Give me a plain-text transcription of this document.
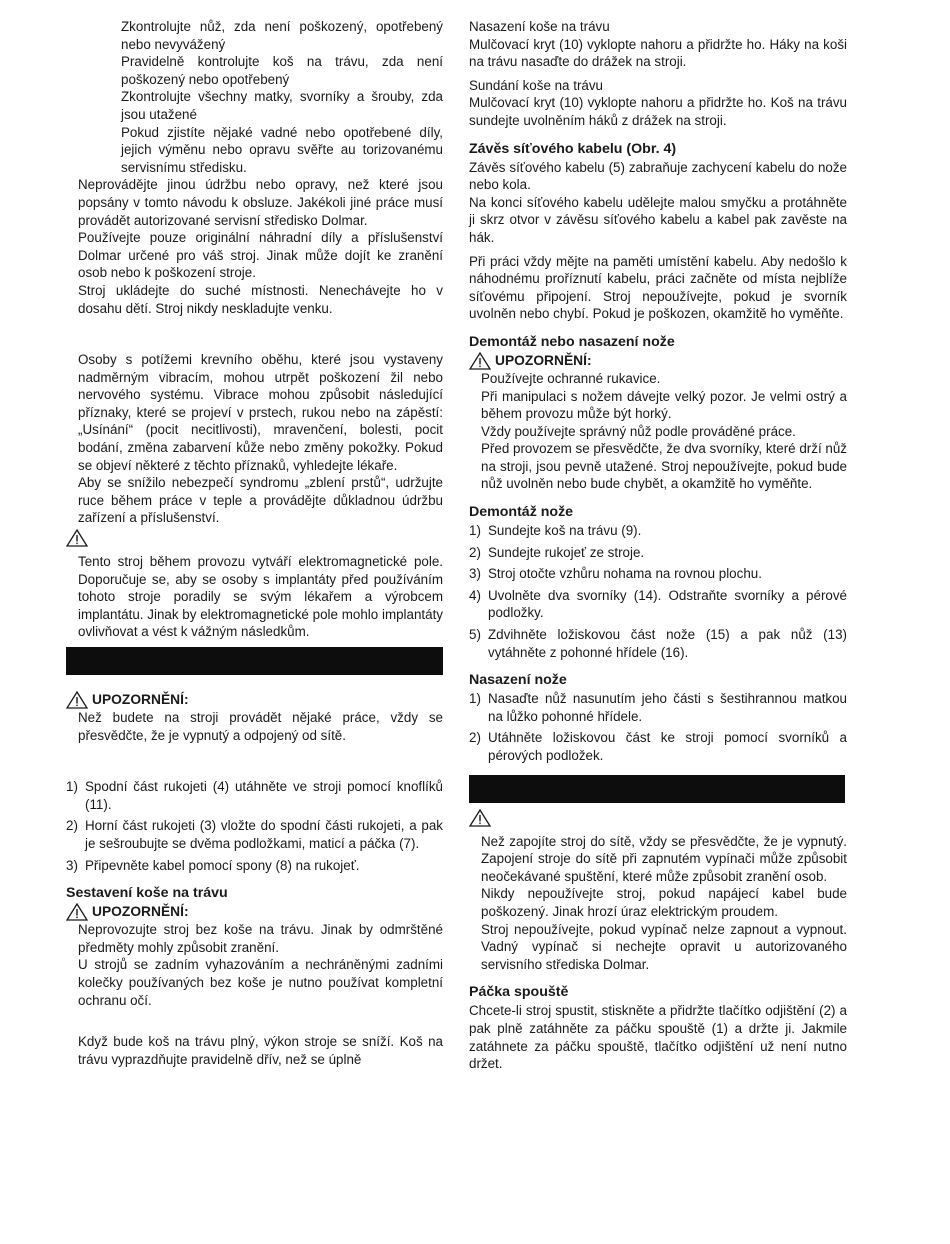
Zkontrolujte nůž, zda není poškozený, opotřebený nebo nevyvážený

Pravidelně kontrolujte koš na trávu, zda není poškozený nebo opotřebený

Zkontrolujte všechny matky, svorníky a šrouby, zda jsou utažené

Pokud zjistíte nějaké vadné nebo opotřebené díly, jejich výměnu nebo opravu svěřte au torizovanému servisnímu středisku.

Neprovádějte jinou údržbu nebo opravy, než které jsou popsány v tomto návodu k obsluze. Jakékoli jiné práce musí provádět autorizované servisní středisko Dolmar.

Používejte pouze originální náhradní díly a příslušenství Dolmar určené pro váš stroj. Jinak může dojít ke zranění osob nebo k poškození stroje.

Stroj ukládejte do suché místnosti. Nenechávejte ho v dosahu dětí. Stroj nikdy neskladujte venku.

Osoby s potížemi krevního oběhu, které jsou vystaveny nadměrným vibracím, mohou utrpět poškození žil nebo nervového systému. Vibrace mohou způsobit následující příznaky, které se projeví v prstech, rukou nebo na zápěstí: „Usínání“ (pocit necitlivosti), mravenčení, bolesti, pocit bodání, změna zabarvení kůže nebo změny pokožky. Pokud se objeví některé z těchto příznaků, vyhledejte lékaře.

Aby se snížilo nebezpečí syndromu „zblení prstů“, udržujte ruce během práce v teple a provádějte důkladnou údržbu zařízení a příslušenství.

Tento stroj během provozu vytváří elektromagnetické pole. Doporučuje se, aby se osoby s implantáty před používáním tohoto stroje poradily se svým lékařem a výrobcem implantátu. Jinak by elektromagnetické pole mohlo implantáty ovlivňovat a vést k vážným následkům.

UPOZORNĚNÍ:

Než budete na stroji provádět nějaké práce, vždy se přesvědčte, že je vypnutý a odpojený od sítě.

1) Spodní část rukojeti (4) utáhněte ve stroji pomocí knoflíků (11).
2) Horní část rukojeti (3) vložte do spodní části rukojeti, a pak je sešroubujte se dvěma podložkami, maticí a páčka (7).
3) Připevněte kabel pomocí spony (8) na rukojeť.
Sestavení koše na trávu
UPOZORNĚNÍ:

Neprovozujte stroj bez koše na trávu. Jinak by odmrštěné předměty mohly způsobit zranění.

U strojů se zadním vyhazováním a nechráněnými zadními kolečky používaných bez koše je nutno používat kompletní ochranu očí.

Když bude koš na trávu plný, výkon stroje se sníží. Koš na trávu vyprazdňujte pravidelně dřív, než se úplně

Nasazení koše na trávu

Mulčovací kryt (10) vyklopte nahoru a přidržte ho. Háky na koši na trávu nasaďte do drážek na stroji.

Sundání koše na trávu

Mulčovací kryt (10) vyklopte nahoru a přidržte ho. Koš na trávu sundejte uvolněním háků z drážek na stroji.

Závěs síťového kabelu (Obr. 4)

Závěs síťového kabelu (5) zabraňuje zachycení kabelu do nože nebo kola.

Na konci síťového kabelu udělejte malou smyčku a protáhněte ji skrz otvor v závěsu síťového kabelu a kabel pak zavěste na hák.

Při práci vždy mějte na paměti umístění kabelu. Aby nedošlo k náhodnému proříznutí kabelu, práci začněte od místa nejblíže síťovému připojení. Stroj nepoužívejte, pokud je svorník uvolněn nebo chybí. Pokud je poškozen, okamžitě ho vyměňte.

Demontáž nebo nasazení nože
UPOZORNĚNÍ:

Používejte ochranné rukavice.

Při manipulaci s nožem dávejte velký pozor. Je velmi ostrý a během provozu může být horký.

Vždy používejte správný nůž podle prováděné práce.

Před provozem se přesvědčte, že dva svorníky, které drží nůž na stroji, jsou pevně utažené. Stroj nepoužívejte, pokud bude nůž uvolněn nebo bude chybět, a okamžitě ho vyměňte.

Demontáž nože
1) Sundejte koš na trávu (9).
2) Sundejte rukojeť ze stroje.
3) Stroj otočte vzhůru nohama na rovnou plochu.
4) Uvolněte dva svorníky (14). Odstraňte svorníky a pérové podložky.
5) Zdvihněte ložiskovou část nože (15) a pak nůž (13) vytáhněte z pohonné hřídele (16).
Nasazení nože
1) Nasaďte nůž nasunutím jeho části s šestihrannou matkou na lůžko pohonné hřídele.
2) Utáhněte ložiskovou část ke stroji pomocí svorníků a pérových podložek.

Než zapojíte stroj do sítě, vždy se přesvědčte, že je vypnutý. Zapojení stroje do sítě při zapnutém vypínači může způsobit neočekávané spuštění, které může způsobit zranění osob.

Nikdy nepoužívejte stroj, pokud napájecí kabel bude poškozený. Jinak hrozí úraz elektrickým proudem.

Stroj nepoužívejte, pokud vypínač nelze zapnout a vypnout. Vadný vypínač si nechejte opravit u autorizovaného servisního střediska Dolmar.

Páčka spouště

Chcete-li stroj spustit, stiskněte a přidržte tlačítko odjištění (2) a pak plně zatáhněte za páčku spouště (1) a držte ji. Jakmile zatáhnete za páčku spouště, tlačítko odjištění už není nutno držet.
